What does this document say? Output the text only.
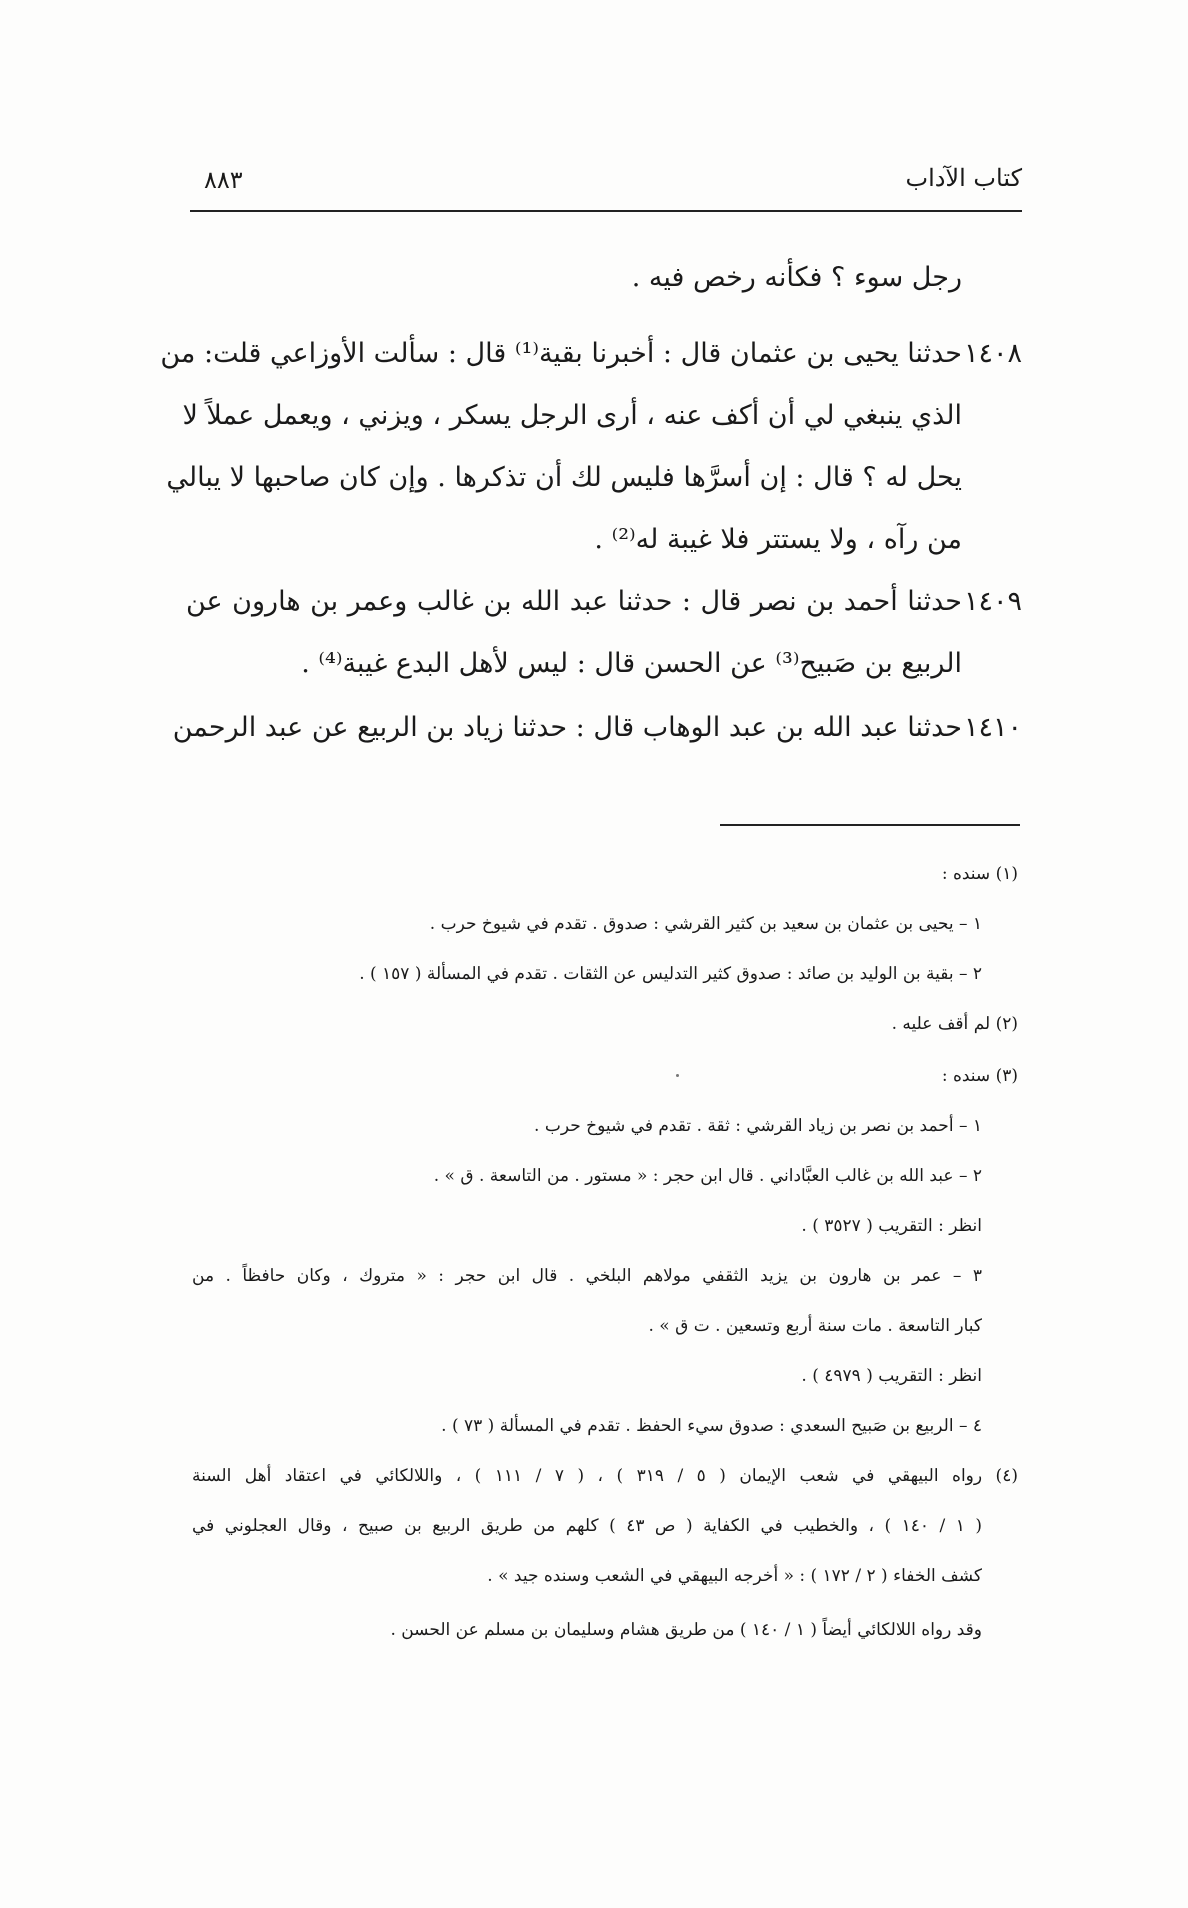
٨٨٣	كتاب الآداب
رجل سوء ؟ فكأنه رخص فيه .
١٤٠٨
حدثنا يحيى بن عثمان قال : أخبرنا بقية⁽¹⁾ قال : سألت الأوزاعي قلت: من
الذي ينبغي لي أن أكف عنه ، أرى الرجل يسكر ، ويزني ، ويعمل عملاً لا
يحل له ؟ قال : إن أسرَّها فليس لك أن تذكرها . وإن كان صاحبها لا يبالي
من رآه ، ولا يستتر فلا غيبة له⁽²⁾ .
١٤٠٩
حدثنا أحمد بن نصر قال : حدثنا عبد الله بن غالب وعمر بن هارون عن
الربيع بن صَبيح⁽³⁾ عن الحسن قال : ليس لأهل البدع غيبة⁽⁴⁾ .
١٤١٠
حدثنا عبد الله بن عبد الوهاب قال : حدثنا زياد بن الربيع عن عبد الرحمن
(١) سنده :
١ – يحيى بن عثمان بن سعيد بن كثير القرشي : صدوق . تقدم في شيوخ حرب .
٢ – بقية بن الوليد بن صائد : صدوق كثير التدليس عن الثقات . تقدم في المسألة ( ١٥٧ ) .
(٢) لم أقف عليه .
(٣) سنده :
١ – أحمد بن نصر بن زياد القرشي : ثقة . تقدم في شيوخ حرب .
٢ – عبد الله بن غالب العبَّاداني . قال ابن حجر : « مستور . من التاسعة . ق » .
انظر : التقريب ( ٣٥٢٧ ) .
٣ – عمر بن هارون بن يزيد الثقفي مولاهم البلخي . قال ابن حجر : « متروك ، وكان حافظاً . من
كبار التاسعة . مات سنة أربع وتسعين . ت ق » .
انظر : التقريب ( ٤٩٧٩ ) .
٤ – الربيع بن صَبيح السعدي : صدوق سيء الحفظ . تقدم في المسألة ( ٧٣ ) .
(٤) رواه البيهقي في شعب الإيمان ( ٥ / ٣١٩ ) ، ( ٧ / ١١١ ) ، واللالكائي في اعتقاد أهل السنة
( ١ / ١٤٠ ) ، والخطيب في الكفاية ( ص ٤٣ ) كلهم من طريق الربيع بن صبيح ، وقال العجلوني في
كشف الخفاء ( ٢ / ١٧٢ ) : « أخرجه البيهقي في الشعب وسنده جيد » .
وقد رواه اللالكائي أيضاً ( ١ / ١٤٠ ) من طريق هشام وسليمان بن مسلم عن الحسن .
